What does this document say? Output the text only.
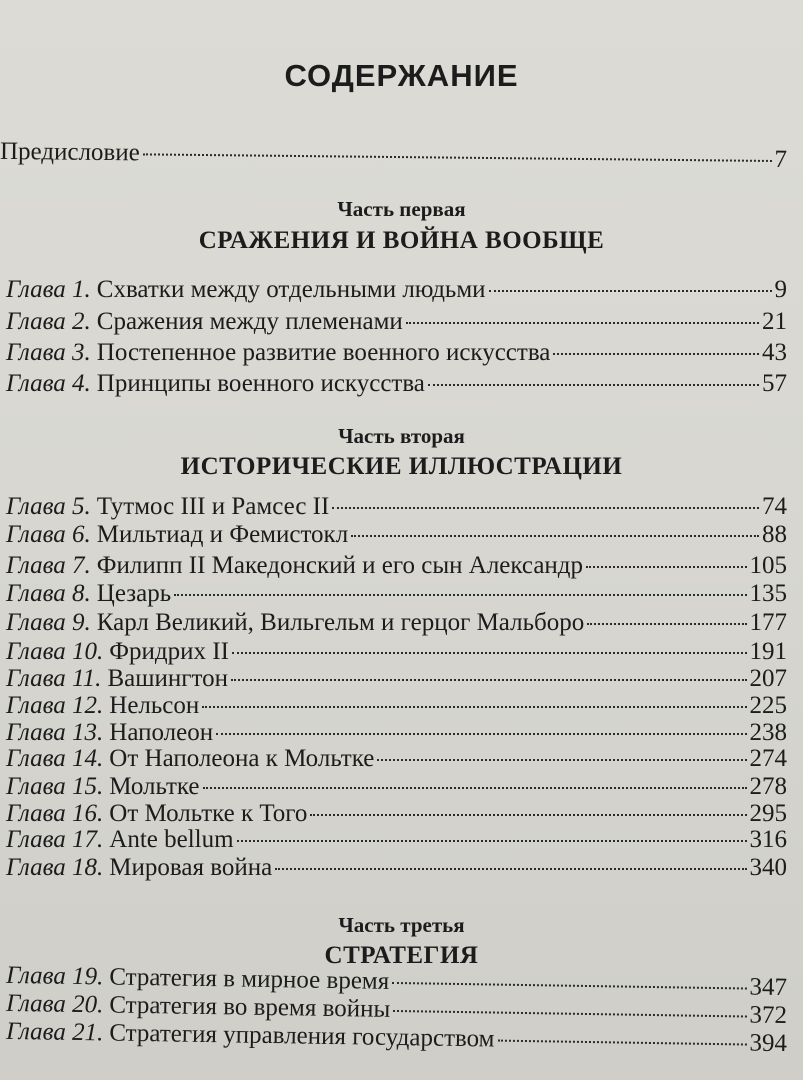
СОДЕРЖАНИЕ
Предисловие	7
Часть первая
СРАЖЕНИЯ И ВОЙНА ВООБЩЕ
Глава 1. Схватки между отдельными людьми	9
Глава 2. Сражения между племенами	21
Глава 3. Постепенное развитие военного искусства	43
Глава 4. Принципы военного искусства	57
Часть вторая
ИСТОРИЧЕСКИЕ ИЛЛЮСТРАЦИИ
Глава 5. Тутмос III и Рамсес II	74
Глава 6. Мильтиад и Фемистокл	88
Глава 7. Филипп II Македонский и его сын Александр	105
Глава 8. Цезарь	135
Глава 9. Карл Великий, Вильгельм и герцог Мальборо	177
Глава 10. Фридрих II	191
Глава 11. Вашингтон	207
Глава 12. Нельсон	225
Глава 13. Наполеон	238
Глава 14. От Наполеона к Мольтке	274
Глава 15. Мольтке	278
Глава 16. От Мольтке к Того	295
Глава 17. Ante bellum	316
Глава 18. Мировая война	340
Часть третья
СТРАТЕГИЯ
Глава 19. Стратегия в мирное время	347
Глава 20. Стратегия во время войны	372
Глава 21. Стратегия управления государством	394
